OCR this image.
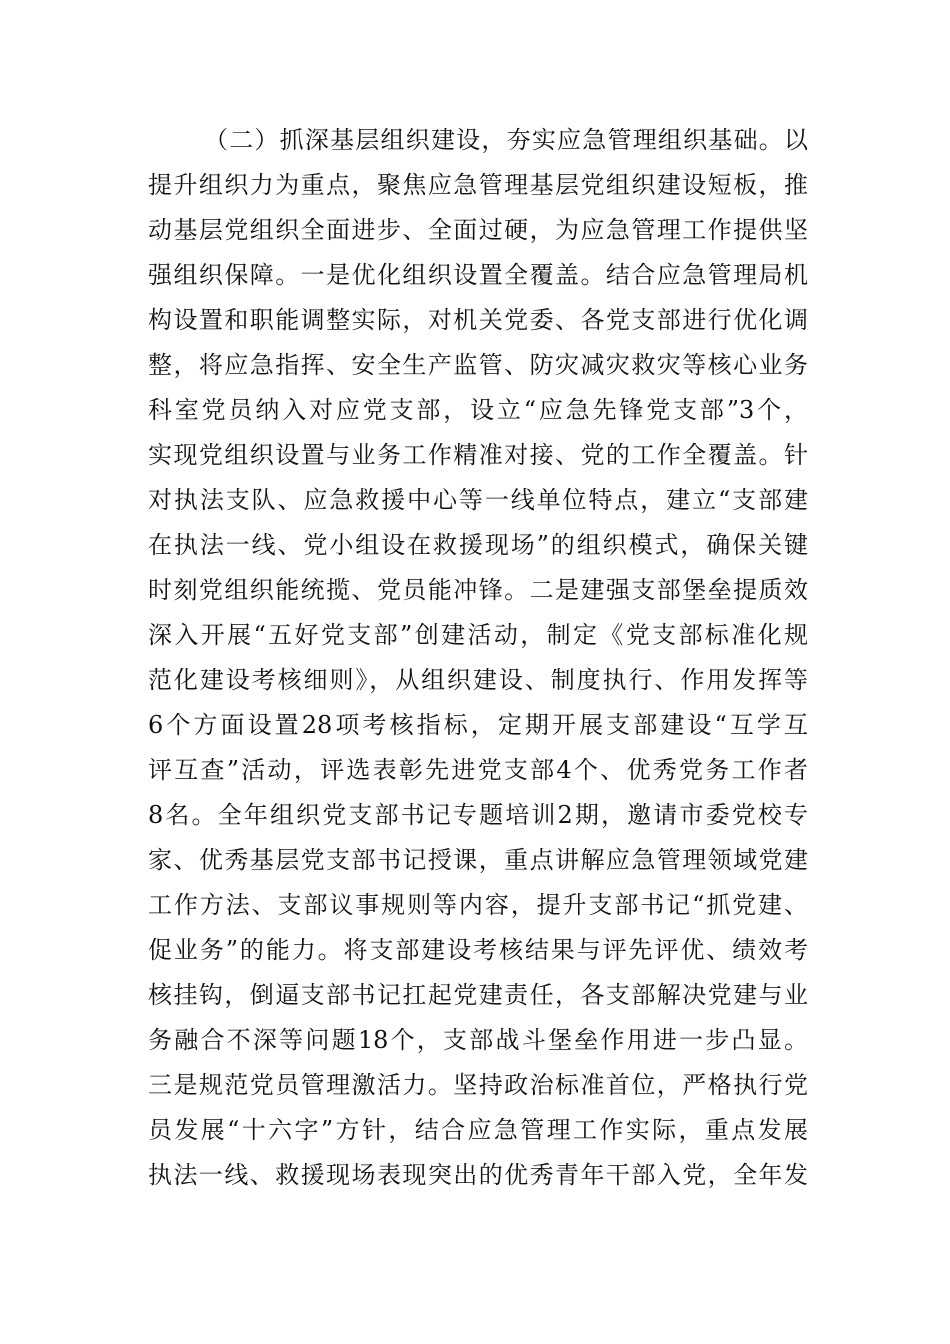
（二）抓深基层组织建设，夯实应急管理组织基础。以
提升组织力为重点，聚焦应急管理基层党组织建设短板，推
动基层党组织全面进步、全面过硬，为应急管理工作提供坚
强组织保障。一是优化组织设置全覆盖。结合应急管理局机
构设置和职能调整实际，对机关党委、各党支部进行优化调
整，将应急指挥、安全生产监管、防灾减灾救灾等核心业务
科室党员纳入对应党支部，设立“应急先锋党支部”3个，
实现党组织设置与业务工作精准对接、党的工作全覆盖。针
对执法支队、应急救援中心等一线单位特点，建立“支部建
在执法一线、党小组设在救援现场”的组织模式，确保关键
时刻党组织能统揽、党员能冲锋。二是建强支部堡垒提质效
深入开展“五好党支部”创建活动，制定《党支部标准化规
范化建设考核细则》，从组织建设、制度执行、作用发挥等
6个方面设置28项考核指标，定期开展支部建设“互学互
评互查”活动，评选表彰先进党支部4个、优秀党务工作者
8名。全年组织党支部书记专题培训2期，邀请市委党校专
家、优秀基层党支部书记授课，重点讲解应急管理领域党建
工作方法、支部议事规则等内容，提升支部书记“抓党建、
促业务”的能力。将支部建设考核结果与评先评优、绩效考
核挂钩，倒逼支部书记扛起党建责任，各支部解决党建与业
务融合不深等问题18个，支部战斗堡垒作用进一步凸显。
三是规范党员管理激活力。坚持政治标准首位，严格执行党
员发展“十六字”方针，结合应急管理工作实际，重点发展
执法一线、救援现场表现突出的优秀青年干部入党，全年发
